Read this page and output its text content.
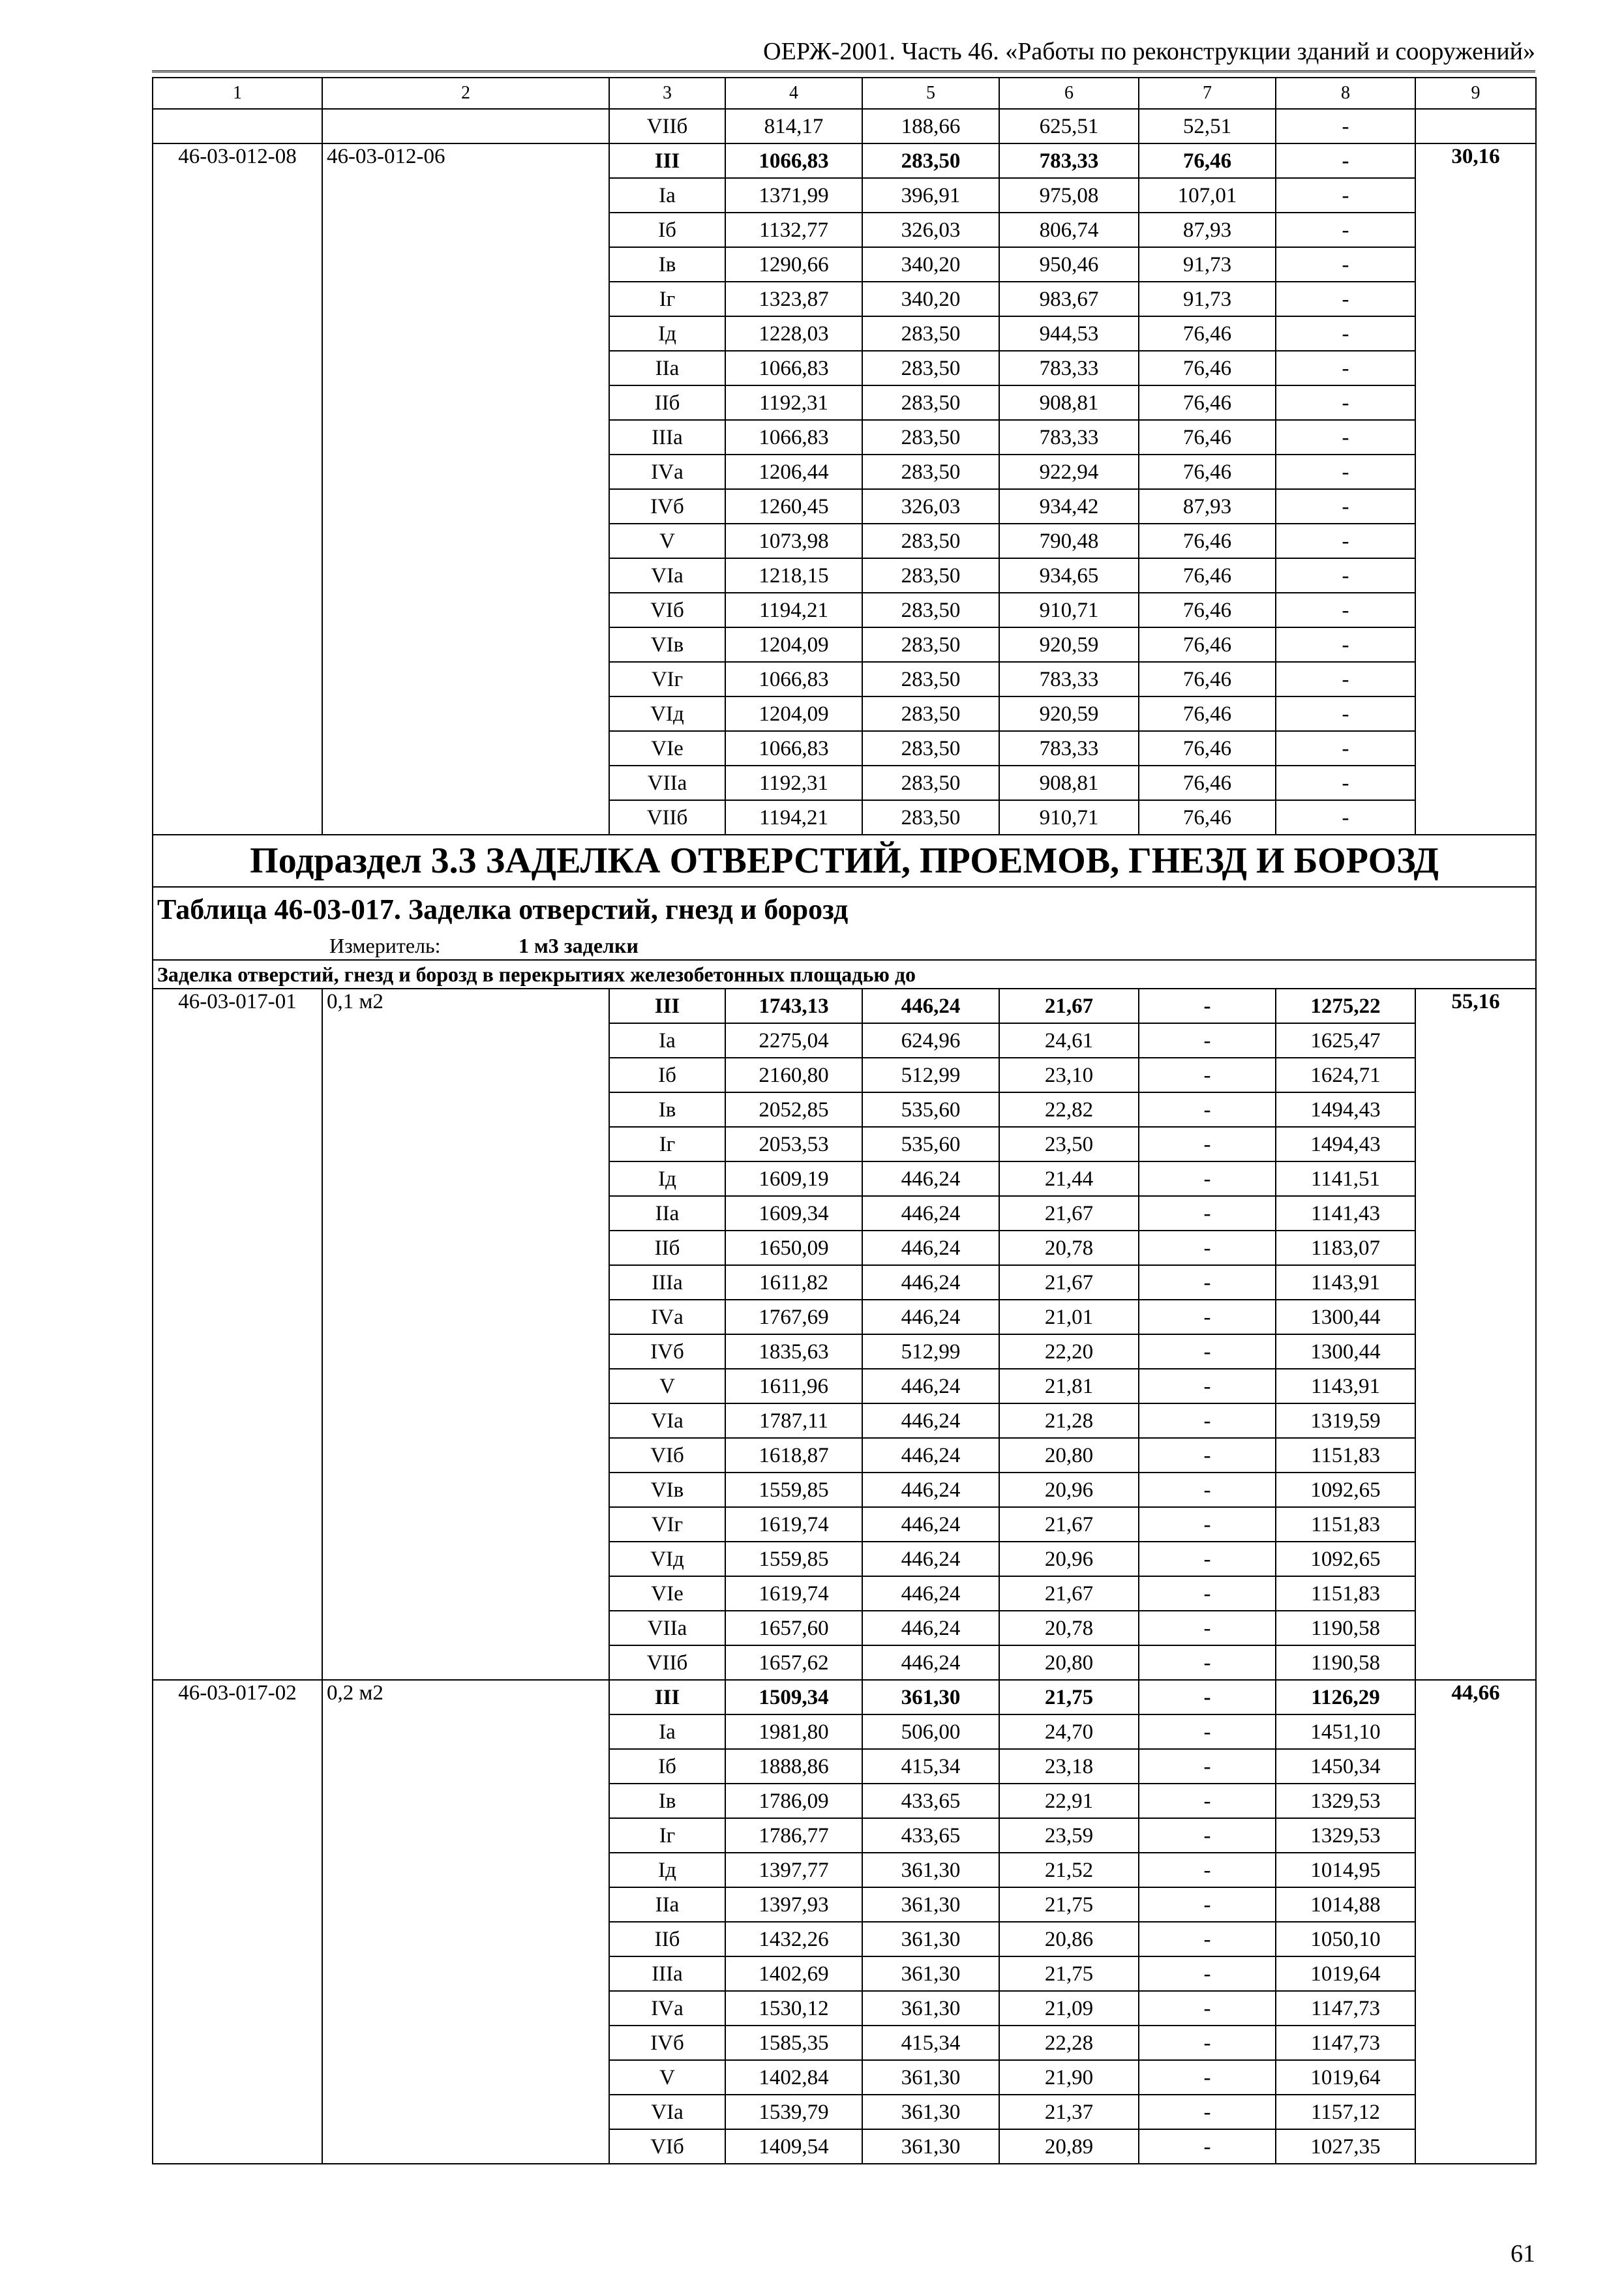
ОЕРЖ-2001. Часть 46. «Работы по реконструкции зданий и сооружений»
1	2	3	4	5	6	7	8	9
		VIIб	814,17	188,66	625,51	52,51	-	
46-03-012-08	46-03-012-06	III	1066,83	283,50	783,33	76,46	-	30,16
		Iа	1371,99	396,91	975,08	107,01	-	
		Iб	1132,77	326,03	806,74	87,93	-	
		Iв	1290,66	340,20	950,46	91,73	-	
		Iг	1323,87	340,20	983,67	91,73	-	
		Iд	1228,03	283,50	944,53	76,46	-	
		IIа	1066,83	283,50	783,33	76,46	-	
		IIб	1192,31	283,50	908,81	76,46	-	
		IIIа	1066,83	283,50	783,33	76,46	-	
		IVа	1206,44	283,50	922,94	76,46	-	
		IVб	1260,45	326,03	934,42	87,93	-	
		V	1073,98	283,50	790,48	76,46	-	
		VIа	1218,15	283,50	934,65	76,46	-	
		VIб	1194,21	283,50	910,71	76,46	-	
		VIв	1204,09	283,50	920,59	76,46	-	
		VIг	1066,83	283,50	783,33	76,46	-	
		VIд	1204,09	283,50	920,59	76,46	-	
		VIе	1066,83	283,50	783,33	76,46	-	
		VIIа	1192,31	283,50	908,81	76,46	-	
		VIIб	1194,21	283,50	910,71	76,46	-	
Подраздел 3.3 ЗАДЕЛКА ОТВЕРСТИЙ, ПРОЕМОВ, ГНЕЗД И БОРОЗД								
Таблица 46-03-017. Заделка отверстий, гнезд и борозд								
Измеритель: 1 м3 заделки								
Заделка отверстий, гнезд и борозд в перекрытиях железобетонных площадью до								
46-03-017-01	0,1 м2	III	1743,13	446,24	21,67	-	1275,22	55,16
		Iа	2275,04	624,96	24,61	-	1625,47	
		Iб	2160,80	512,99	23,10	-	1624,71	
		Iв	2052,85	535,60	22,82	-	1494,43	
		Iг	2053,53	535,60	23,50	-	1494,43	
		Iд	1609,19	446,24	21,44	-	1141,51	
		IIа	1609,34	446,24	21,67	-	1141,43	
		IIб	1650,09	446,24	20,78	-	1183,07	
		IIIа	1611,82	446,24	21,67	-	1143,91	
		IVа	1767,69	446,24	21,01	-	1300,44	
		IVб	1835,63	512,99	22,20	-	1300,44	
		V	1611,96	446,24	21,81	-	1143,91	
		VIа	1787,11	446,24	21,28	-	1319,59	
		VIб	1618,87	446,24	20,80	-	1151,83	
		VIв	1559,85	446,24	20,96	-	1092,65	
		VIг	1619,74	446,24	21,67	-	1151,83	
		VIд	1559,85	446,24	20,96	-	1092,65	
		VIе	1619,74	446,24	21,67	-	1151,83	
		VIIа	1657,60	446,24	20,78	-	1190,58	
		VIIб	1657,62	446,24	20,80	-	1190,58	
46-03-017-02	0,2 м2	III	1509,34	361,30	21,75	-	1126,29	44,66
		Iа	1981,80	506,00	24,70	-	1451,10	
		Iб	1888,86	415,34	23,18	-	1450,34	
		Iв	1786,09	433,65	22,91	-	1329,53	
		Iг	1786,77	433,65	23,59	-	1329,53	
		Iд	1397,77	361,30	21,52	-	1014,95	
		IIа	1397,93	361,30	21,75	-	1014,88	
		IIб	1432,26	361,30	20,86	-	1050,10	
		IIIа	1402,69	361,30	21,75	-	1019,64	
		IVа	1530,12	361,30	21,09	-	1147,73	
		IVб	1585,35	415,34	22,28	-	1147,73	
		V	1402,84	361,30	21,90	-	1019,64	
		VIа	1539,79	361,30	21,37	-	1157,12	
		VIб	1409,54	361,30	20,89	-	1027,35	
61
